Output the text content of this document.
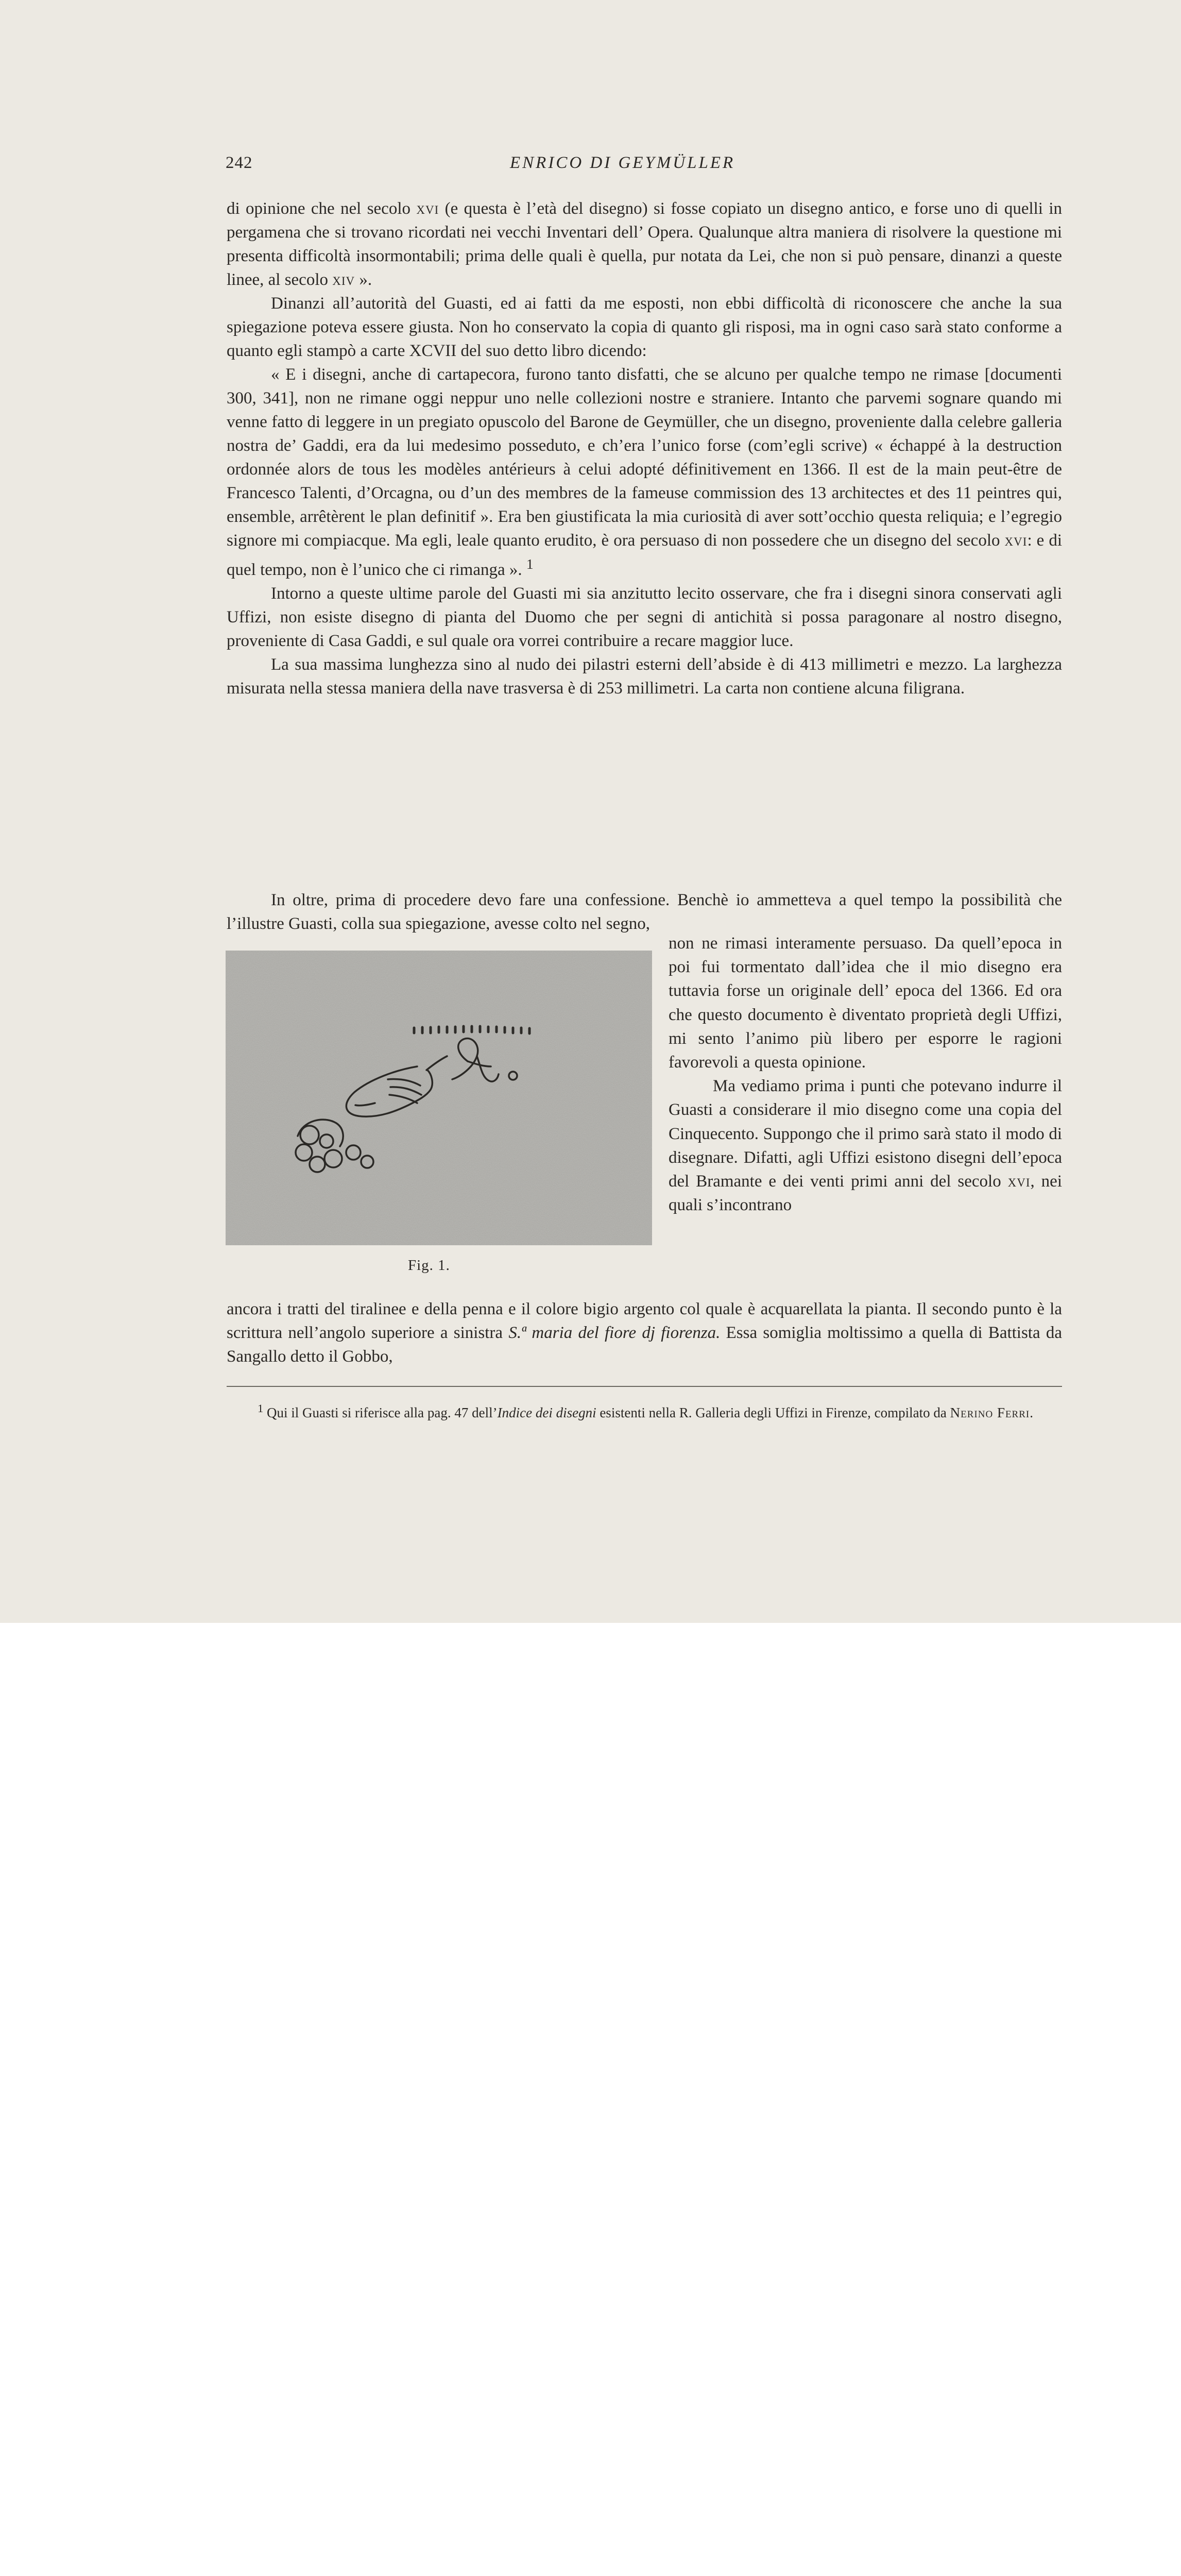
242	ENRICO DI GEYMÜLLER

di opinione che nel secolo xvi (e questa è l’età del disegno) si fosse copiato un disegno antico, e forse uno di quelli in pergamena che si trovano ricordati nei vecchi Inventari dell’ Opera. Qualunque altra maniera di risolvere la questione mi presenta difficoltà insormontabili; prima delle quali è quella, pur notata da Lei, che non si può pensare, dinanzi a queste linee, al secolo xiv ».

Dinanzi all’autorità del Guasti, ed ai fatti da me esposti, non ebbi difficoltà di riconoscere che anche la sua spiegazione poteva essere giusta. Non ho conservato la copia di quanto gli risposi, ma in ogni caso sarà stato conforme a quanto egli stampò a carte XCVII del suo detto libro dicendo:

« E i disegni, anche di cartapecora, furono tanto disfatti, che se alcuno per qualche tempo ne rimase [documenti 300, 341], non ne rimane oggi neppur uno nelle collezioni nostre e straniere. Intanto che parvemi sognare quando mi venne fatto di leggere in un pregiato opuscolo del Barone de Geymüller, che un disegno, proveniente dalla celebre galleria nostra de’ Gaddi, era da lui medesimo posseduto, e ch’era l’unico forse (com’egli scrive) « échappé à la destruction ordonnée alors de tous les modèles antérieurs à celui adopté définitivement en 1366. Il est de la main peut-être de Francesco Talenti, d’Orcagna, ou d’un des membres de la fameuse commission des 13 architectes et des 11 peintres qui, ensemble, arrêtèrent le plan definitif ». Era ben giustificata la mia curiosità di aver sott’occhio questa reliquia; e l’egregio signore mi compiacque. Ma egli, leale quanto erudito, è ora persuaso di non possedere che un disegno del secolo xvi: e di quel tempo, non è l’unico che ci rimanga ». $^1$

Intorno a queste ultime parole del Guasti mi sia anzitutto lecito osservare, che fra i disegni sinora conservati agli Uffizi, non esiste disegno di pianta del Duomo che per segni di antichità si possa paragonare al nostro disegno, proveniente di Casa Gaddi, e sul quale ora vorrei contribuire a recare maggior luce.

La sua massima lunghezza sino al nudo dei pilastri esterni dell’abside è di 413 millimetri e mezzo. La larghezza misurata nella stessa maniera della nave trasversa è di 253 millimetri. La carta non contiene alcuna filigrana.

In oltre, prima di procedere devo fare una confessione. Benchè io ammetteva a quel tempo la possibilità che l’illustre Guasti, colla sua spiegazione, avesse colto nel segno,

Fig. 1.

non ne rimasi interamente persuaso. Da quell’epoca in poi fui tormentato dall’idea che il mio disegno era tuttavia forse un originale dell’ epoca del 1366. Ed ora che questo documento è diventato proprietà degli Uffizi, mi sento l’animo più libero per esporre le ragioni favorevoli a questa opinione.

Ma vediamo prima i punti che potevano indurre il Guasti a considerare il mio disegno come una copia del Cinquecento. Suppongo che il primo sarà stato il modo di disegnare. Difatti, agli Uffizi esistono disegni dell’epoca del Bramante e dei venti primi anni del secolo xvi, nei quali s’incontrano

ancora i tratti del tiralinee e della penna e il colore bigio argento col quale è acquarellata la pianta. Il secondo punto è la scrittura nell’angolo superiore a sinistra S.ª maria del fiore dj fiorenza. Essa somiglia moltissimo a quella di Battista da Sangallo detto il Gobbo,

$^1$ Qui il Guasti si riferisce alla pag. 47 dell’Indice dei disegni esistenti nella R. Galleria degli Uffizi in Firenze, compilato da Nerino Ferri.
